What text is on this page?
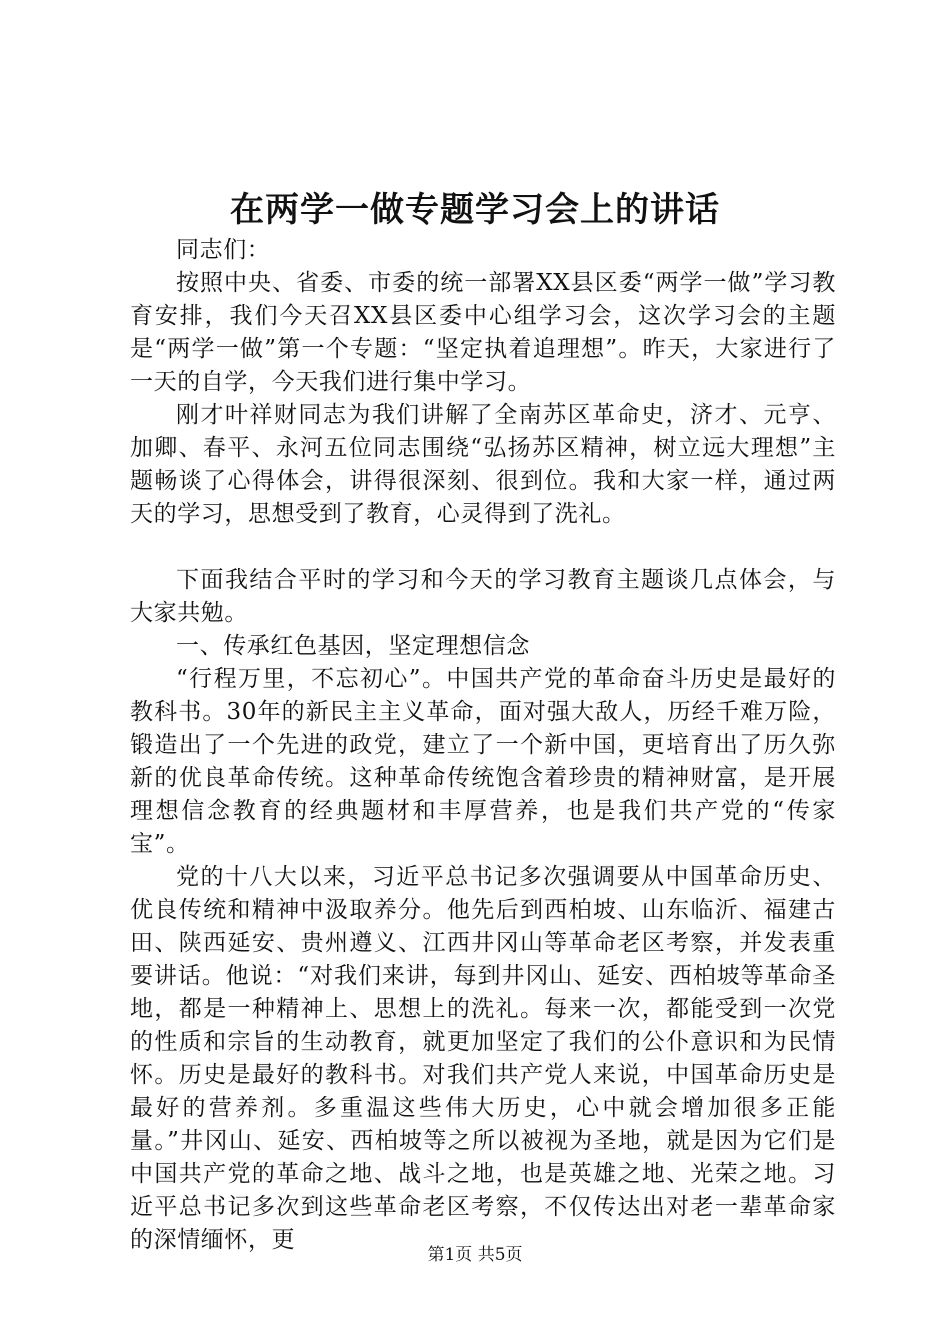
在两学一做专题学习会上的讲话

同志们：

按照中央、省委、市委的统一部署XX县区委“两学一做”学习教育安排，我们今天召XX县区委中心组学习会，这次学习会的主题是“两学一做”第一个专题：“坚定执着追理想”。昨天，大家进行了一天的自学，今天我们进行集中学习。

刚才叶祥财同志为我们讲解了全南苏区革命史，济才、元亨、加卿、春平、永河五位同志围绕“弘扬苏区精神，树立远大理想”主题畅谈了心得体会，讲得很深刻、很到位。我和大家一样，通过两天的学习，思想受到了教育，心灵得到了洗礼。

下面我结合平时的学习和今天的学习教育主题谈几点体会，与大家共勉。

一、传承红色基因，坚定理想信念

“行程万里，不忘初心”。中国共产党的革命奋斗历史是最好的教科书。30年的新民主主义革命，面对强大敌人，历经千难万险，锻造出了一个先进的政党，建立了一个新中国，更培育出了历久弥新的优良革命传统。这种革命传统饱含着珍贵的精神财富，是开展理想信念教育的经典题材和丰厚营养，也是我们共产党的“传家宝”。

党的十八大以来，习近平总书记多次强调要从中国革命历史、优良传统和精神中汲取养分。他先后到西柏坡、山东临沂、福建古田、陕西延安、贵州遵义、江西井冈山等革命老区考察，并发表重要讲话。他说：“对我们来讲，每到井冈山、延安、西柏坡等革命圣地，都是一种精神上、思想上的洗礼。每来一次，都能受到一次党的性质和宗旨的生动教育，就更加坚定了我们的公仆意识和为民情怀。历史是最好的教科书。对我们共产党人来说，中国革命历史是最好的营养剂。多重温这些伟大历史，心中就会增加很多正能量。”井冈山、延安、西柏坡等之所以被视为圣地，就是因为它们是中国共产党的革命之地、战斗之地，也是英雄之地、光荣之地。习近平总书记多次到这些革命老区考察，不仅传达出对老一辈革命家的深情缅怀，更

第1页 共5页
